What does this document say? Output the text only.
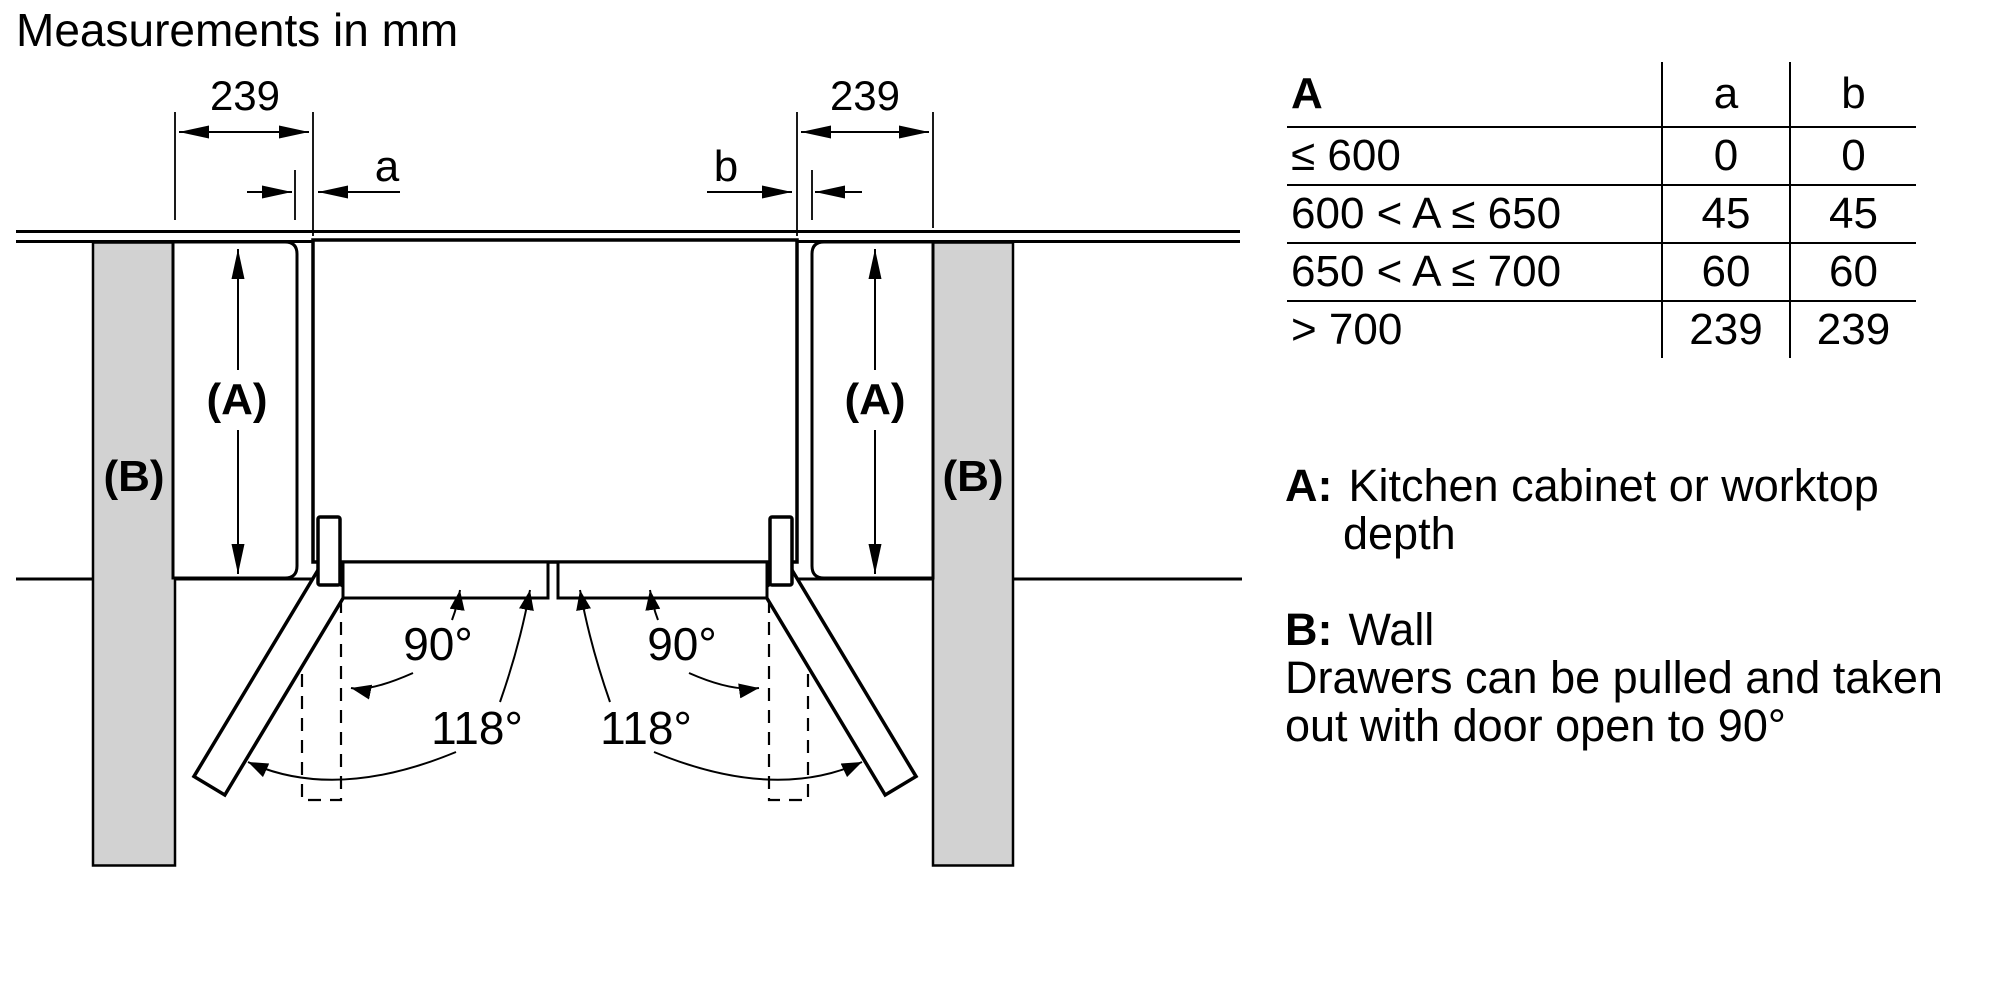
Measurements in mm
239	239
a	b
(A)	(A)
(B)	(B)
90°	90°
118° 118°
A	a	b
≤ 600	0	0
600 < A ≤ 650	45	45
650 < A ≤ 700	60	60
> 700	239	239
A: Kitchen cabinet or worktop
depth
B: Wall
Drawers can be pulled and taken
out with door open to 90°
